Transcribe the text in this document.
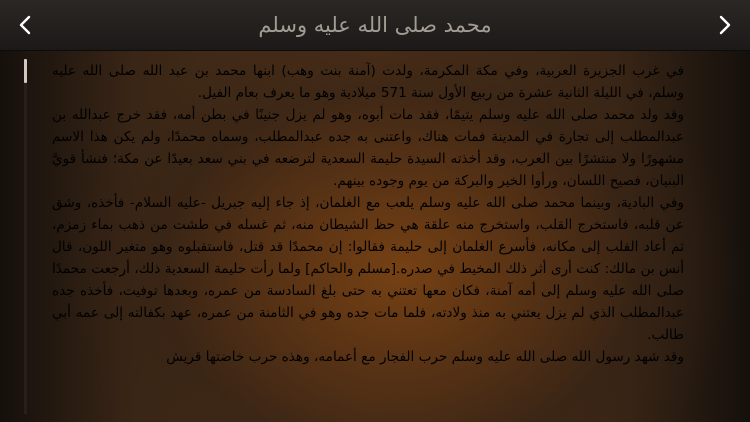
محمد صلى الله عليه وسلم

في غرب الجزيرة العربية، وفي مكة المكرمة، ولدت (آمنة بنت وهب) ابنها محمد بن عبد الله صلى الله عليه وسلم، في الليلة الثانية عشرة من ربيع الأول سنة 571 ميلادية وهو ما يعرف بعام الفيل.

وقد ولد محمد صلى الله عليه وسلم يتيمًا، فقد مات أبوه، وهو لم يزل جنينًا في بطن أمه، فقد خرج عبدالله بن عبدالمطلب إلى تجارة في المدينة فمات هناك، واعتنى به جده عبدالمطلب، وسماه محمدًا، ولم يكن هذا الاسم مشهورًا ولا منتشرًا بين العرب، وقد أخذته السيدة حليمة السعدية لترضعه في بني سعد بعيدًا عن مكة؛ فنشأ قويَّ البنيان، فصيح اللسان، ورأوا الخير والبركة من يوم وجوده بينهم.

وفي البادية، وبينما محمد صلى الله عليه وسلم يلعب مع الغلمان، إذ جاء إليه جبريل -عليه السلام- فأخذه، وشق عن قلبه، فاستخرج القلب، واستخرج منه علقة هي حظ الشيطان منه، ثم غسله في طشت من ذهب بماء زمزم، ثم أعاد القلب إلى مكانه، فأسرع الغلمان إلى حليمة فقالوا: إن محمدًا قد قتل، فاستقبلوه وهو متغير اللون، قال أنس بن مالك: كنت أرى أثر ذلك المخيط في صدره.[مسلم والحاكم] ولما رأت حليمة السعدية ذلك، أرجعت محمدًا صلى الله عليه وسلم إلى أمه آمنة، فكان معها تعتني به حتى بلغ السادسة من عمره، وبعدها توفيت، فأخذه جده عبدالمطلب الذي لم يزل يعتني به منذ ولادته، فلما مات جده وهو في الثامنة من عمره، عهد بكفالته إلى عمه أبي طالب.

وقد شهد رسول الله صلى الله عليه وسلم حرب الفجار مع أعمامه، وهذه حرب خاضتها قريش
